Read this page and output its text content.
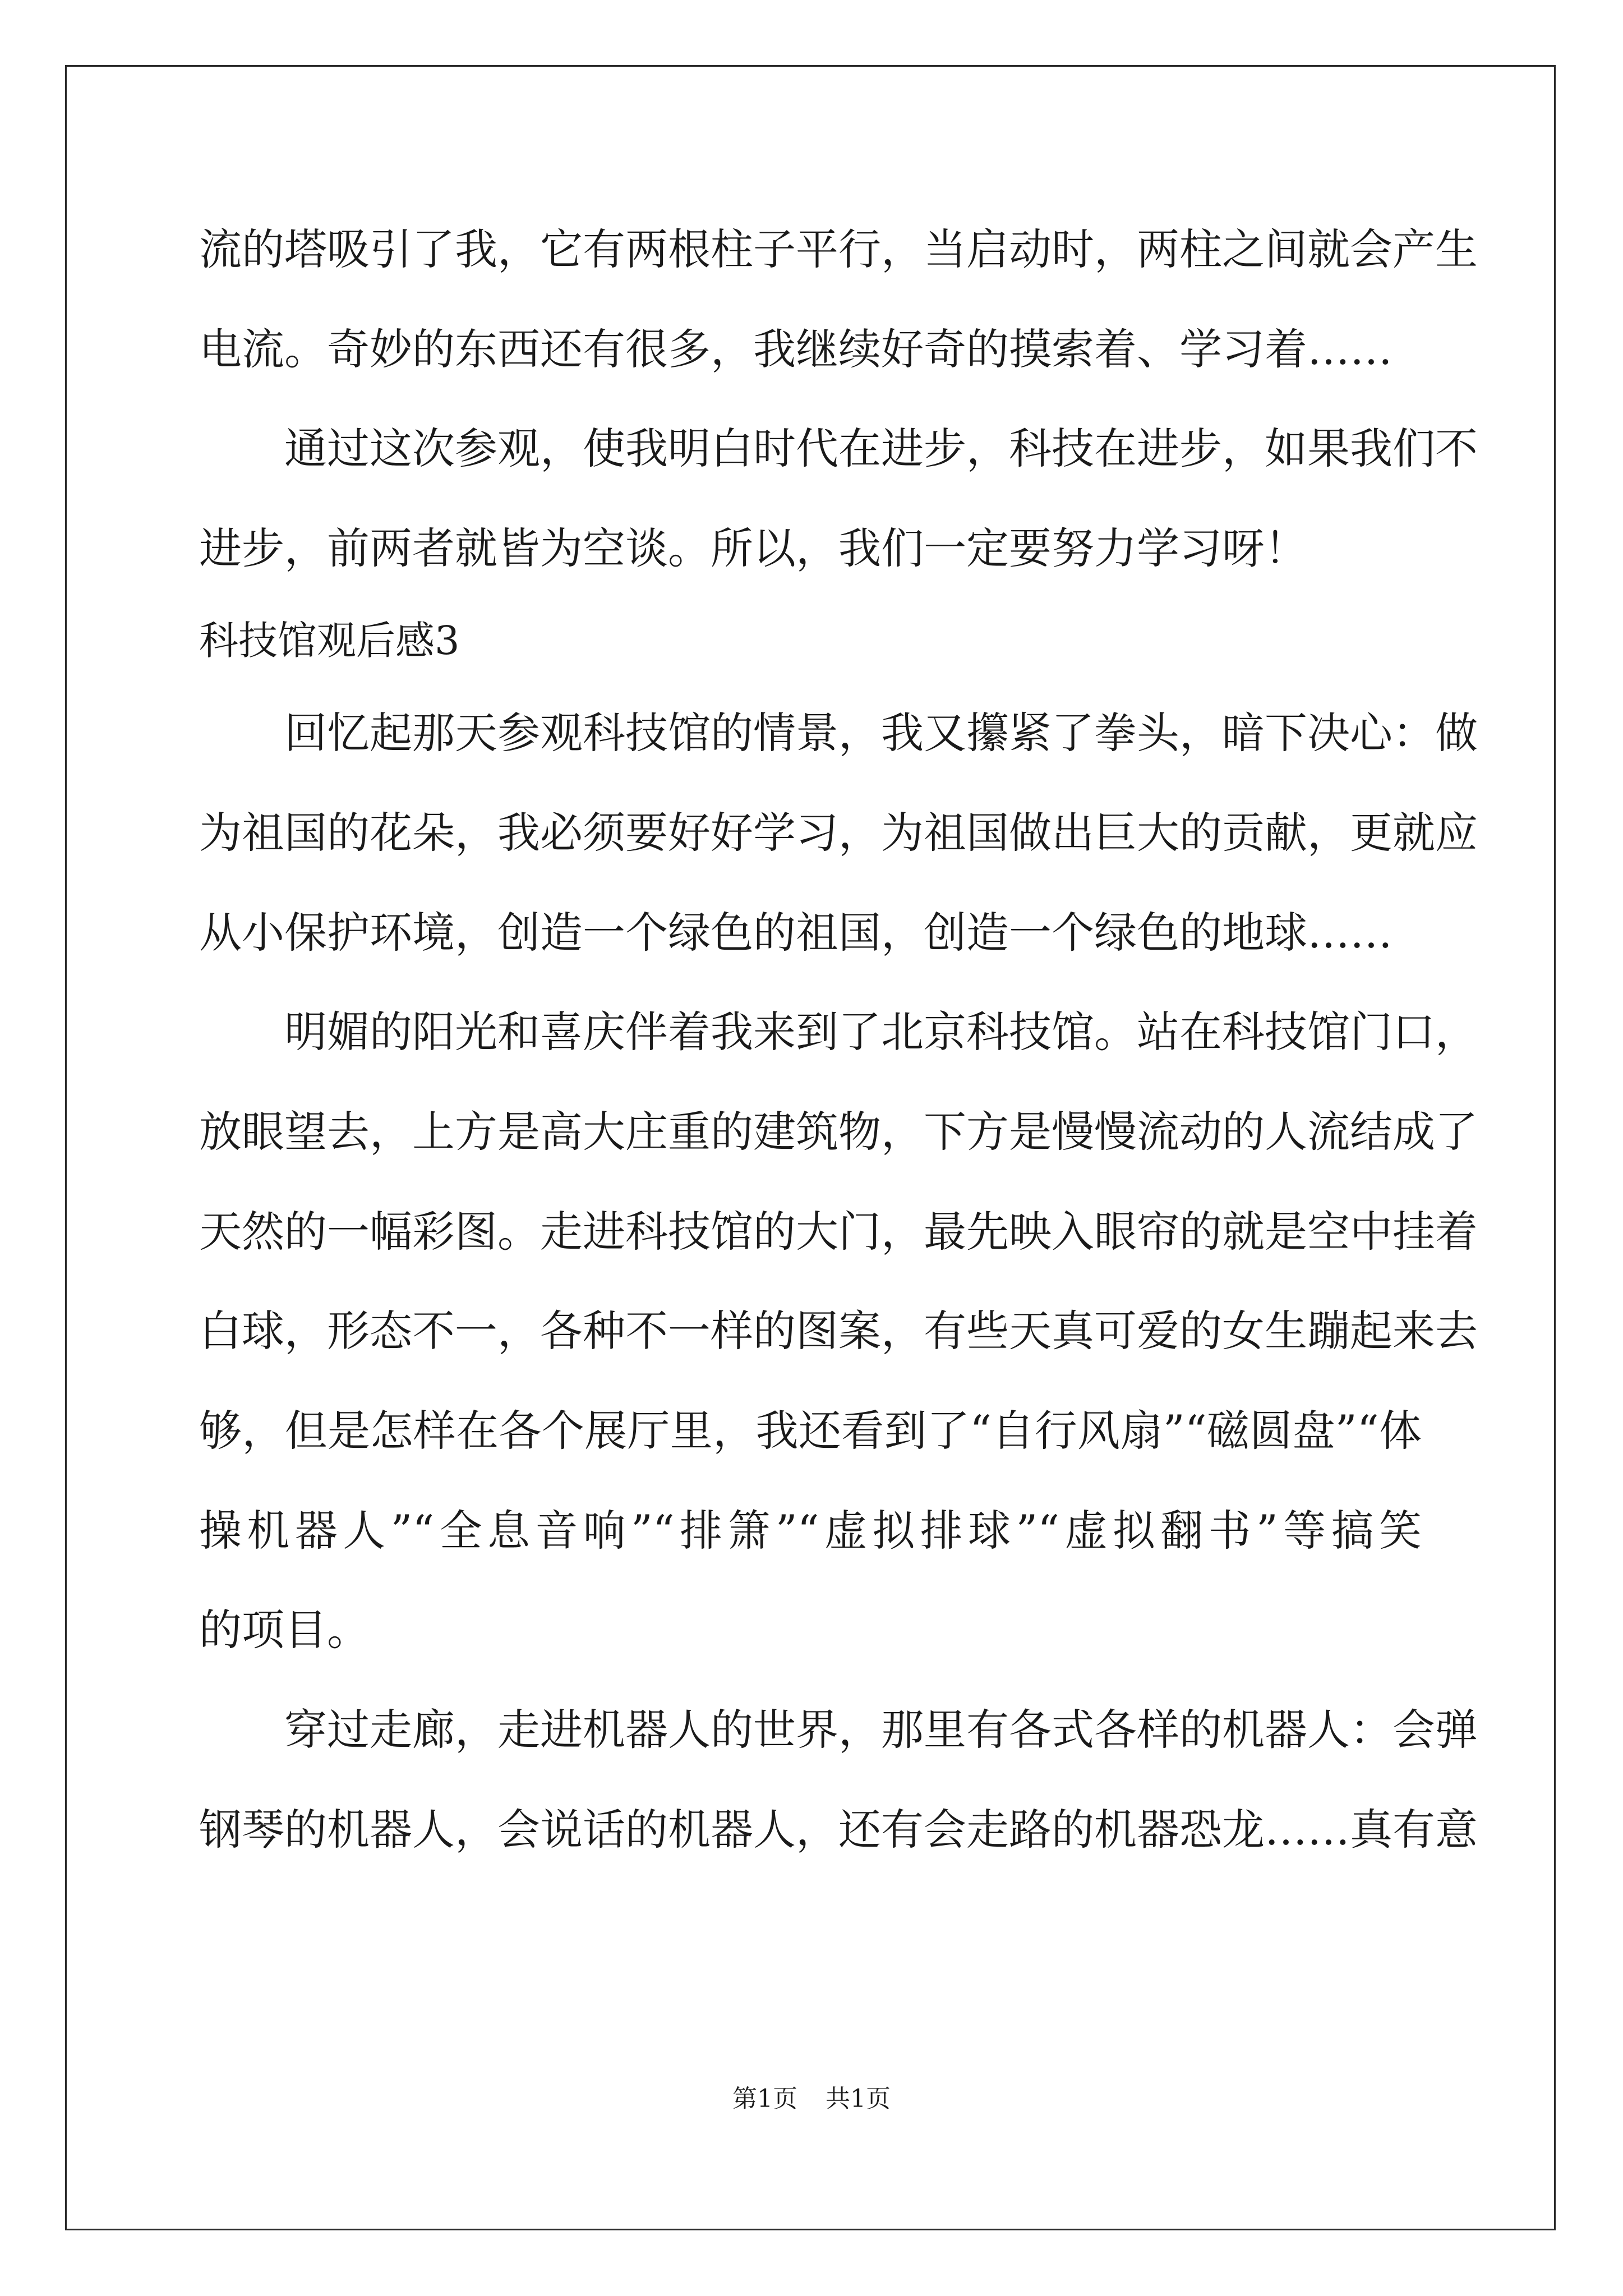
流的塔吸引了我，它有两根柱子平行，当启动时，两柱之间就会产生
电流。奇妙的东西还有很多，我继续好奇的摸索着、学习着……
通过这次参观，使我明白时代在进步，科技在进步，如果我们不
进步，前两者就皆为空谈。所以，我们一定要努力学习呀！
科技馆观后感3
回忆起那天参观科技馆的情景，我又攥紧了拳头，暗下决心：做
为祖国的花朵，我必须要好好学习，为祖国做出巨大的贡献，更就应
从小保护环境，创造一个绿色的祖国，创造一个绿色的地球……
明媚的阳光和喜庆伴着我来到了北京科技馆。站在科技馆门口，
放眼望去，上方是高大庄重的建筑物，下方是慢慢流动的人流结成了
天然的一幅彩图。走进科技馆的大门，最先映入眼帘的就是空中挂着
白球，形态不一，各种不一样的图案，有些天真可爱的女生蹦起来去
够，但是怎样在各个展厅里，我还看到了“自行风扇”“磁圆盘”“体
操机器人”“全息音响”“排箫”“虚拟排球”“虚拟翻书”等搞笑
的项目。
穿过走廊，走进机器人的世界，那里有各式各样的机器人：会弹
钢琴的机器人，会说话的机器人，还有会走路的机器恐龙……真有意
第1页 共1页
